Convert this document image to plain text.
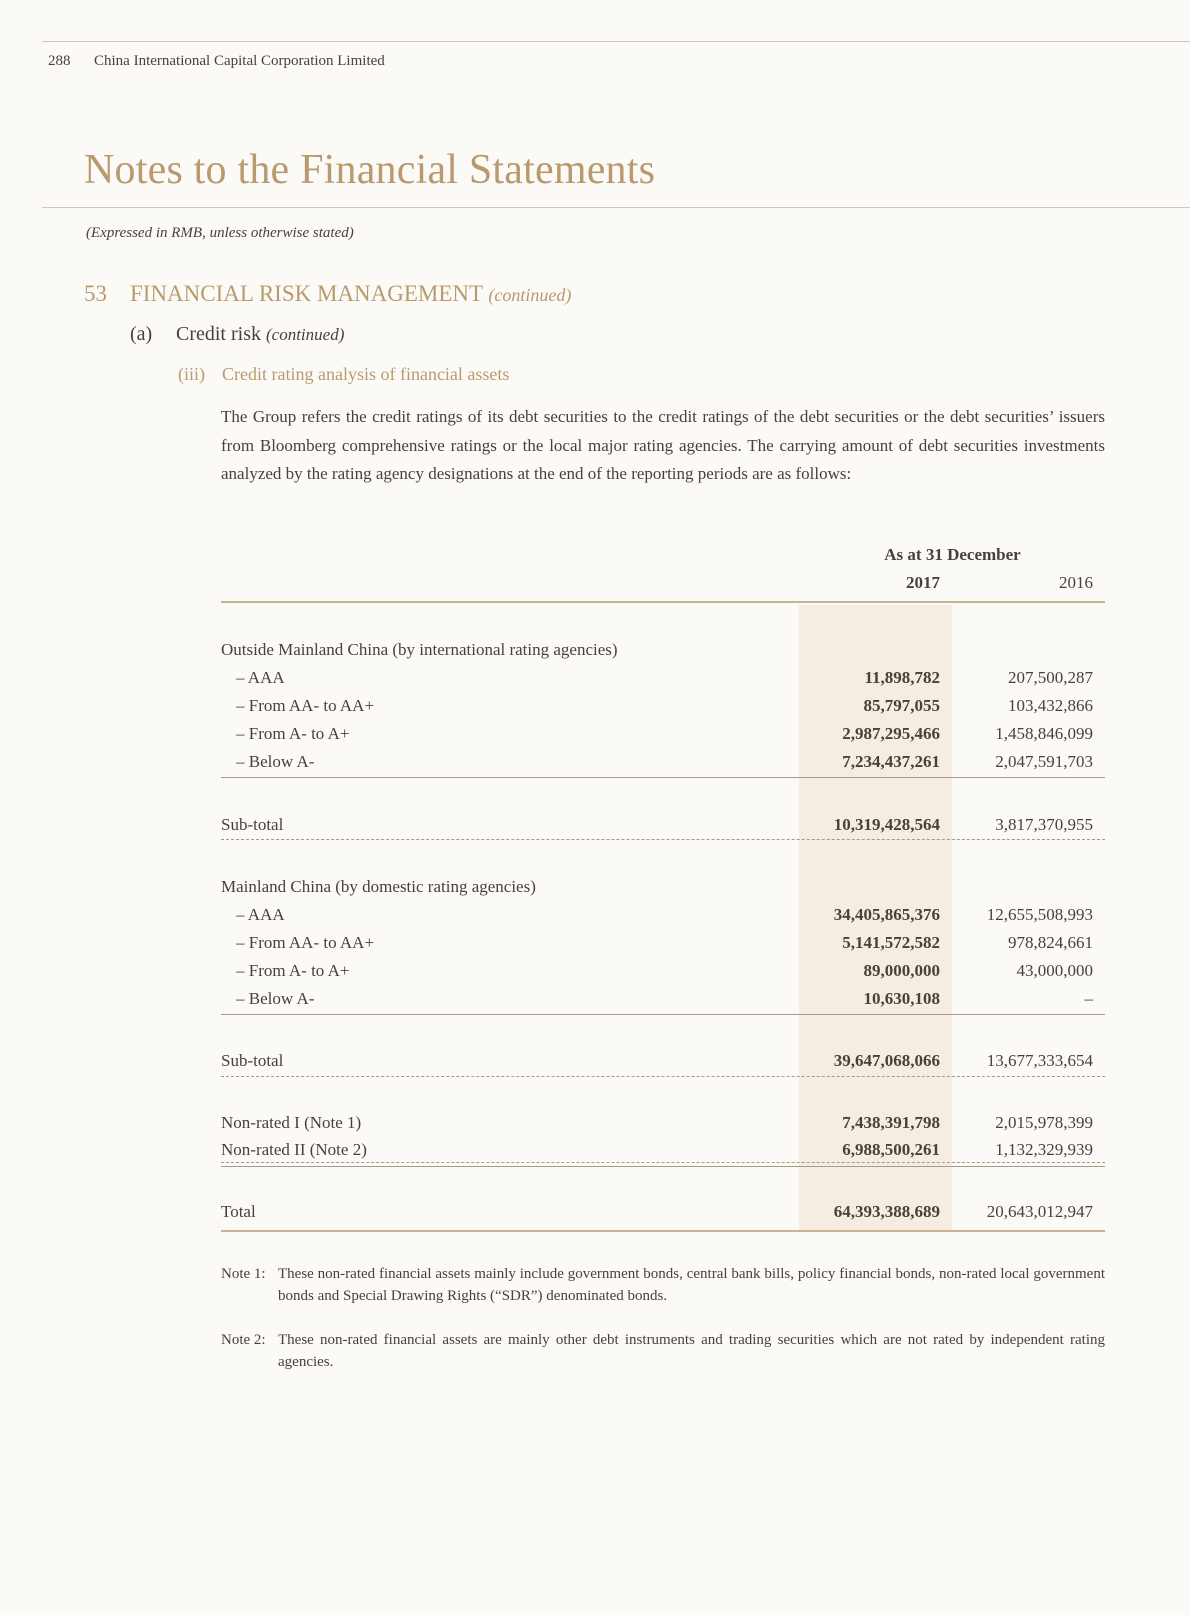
288 China International Capital Corporation Limited
Notes to the Financial Statements
(Expressed in RMB, unless otherwise stated)
53 FINANCIAL RISK MANAGEMENT (continued)
(a) Credit risk (continued)
(iii) Credit rating analysis of financial assets
The Group refers the credit ratings of its debt securities to the credit ratings of the debt securities or the debt securities’ issuers from Bloomberg comprehensive ratings or the local major rating agencies. The carrying amount of debt securities investments analyzed by the rating agency designations at the end of the reporting periods are as follows:
As at 31 December
2017	2016
Outside Mainland China (by international rating agencies)
– AAA	11,898,782	207,500,287
– From AA- to AA+	85,797,055	103,432,866
– From A- to A+	2,987,295,466	1,458,846,099
– Below A-	7,234,437,261	2,047,591,703
Sub-total	10,319,428,564	3,817,370,955
Mainland China (by domestic rating agencies)
– AAA	34,405,865,376	12,655,508,993
– From AA- to AA+	5,141,572,582	978,824,661
– From A- to A+	89,000,000	43,000,000
– Below A-	10,630,108	–
Sub-total	39,647,068,066	13,677,333,654
Non-rated I (Note 1)	7,438,391,798	2,015,978,399
Non-rated II (Note 2)	6,988,500,261	1,132,329,939
Total	64,393,388,689	20,643,012,947
Note 1: These non-rated financial assets mainly include government bonds, central bank bills, policy financial bonds, non-rated local government bonds and Special Drawing Rights (“SDR”) denominated bonds.
Note 2: These non-rated financial assets are mainly other debt instruments and trading securities which are not rated by independent rating agencies.
